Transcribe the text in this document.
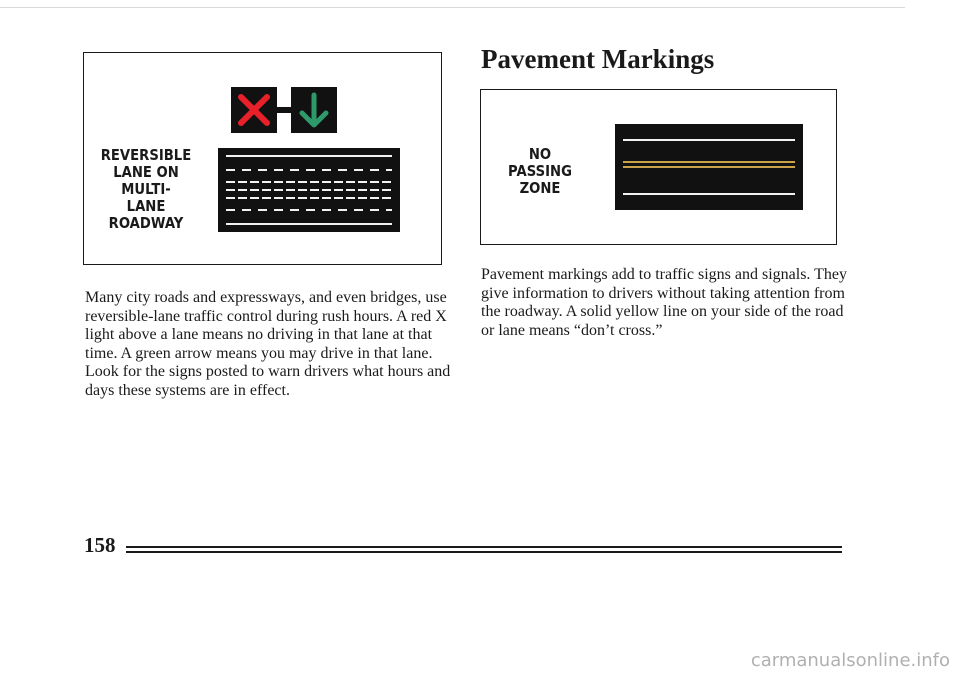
REVERSIBLE
LANE ON
MULTI-
LANE
ROADWAY

Many city roads and expressways, and even bridges, use reversible-lane traffic control during rush hours. A red X light above a lane means no driving in that lane at that time. A green arrow means you may drive in that lane. Look for the signs posted to warn drivers what hours and days these systems are in effect.

Pavement Markings
NO
PASSING
ZONE

Pavement markings add to traffic signs and signals. They give information to drivers without taking attention from the roadway. A solid yellow line on your side of the road or lane means “don’t cross.”

158
carmanualsonline.info
